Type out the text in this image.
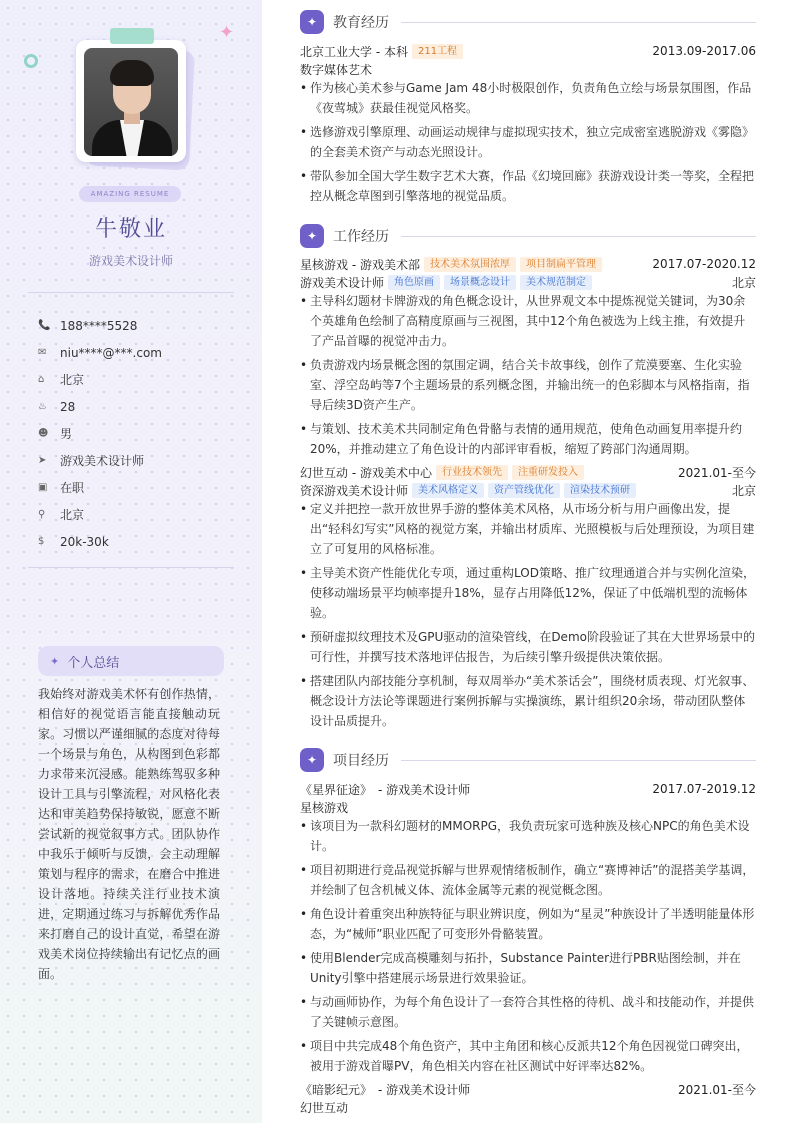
✦
AMAZING RESUME
牛敬业
游戏美术设计师
📞 188****5528
✉	niu****@***.com
⌂	北京
♨	28
☻ 男
➤	游戏美术设计师
▣	在职
⚲	北京
$	20k-30k
✦ 个人总结
我始终对游戏美术怀有创作热情，相信好的视觉语言能直接触动玩家。习惯以严谨细腻的态度对待每一个场景与角色，从构图到色彩都力求带来沉浸感。能熟练驾驭多种设计工具与引擎流程，对风格化表达和审美趋势保持敏锐，愿意不断尝试新的视觉叙事方式。团队协作中我乐于倾听与反馈，会主动理解策划与程序的需求，在磨合中推进设计落地。持续关注行业技术演进，定期通过练习与拆解优秀作品来打磨自己的设计直觉，希望在游戏美术岗位持续输出有记忆点的画面。
✦	教育经历
北京工业大学 - 本科	211工程	2013.09-2017.06
数字媒体艺术
• 作为核心美术参与Game Jam 48小时极限创作，负责角色立绘与场景氛围图，作品《夜莺城》获最佳视觉风格奖。
• 选修游戏引擎原理、动画运动规律与虚拟现实技术，独立完成密室逃脱游戏《雾隐》的全套美术资产与动态光照设计。
• 带队参加全国大学生数字艺术大赛，作品《幻境回廊》获游戏设计类一等奖，全程把控从概念草图到引擎落地的视觉品质。
✦	工作经历
星核游戏 - 游戏美术部	技术美术氛围浓厚	项目制扁平管理	2017.07-2020.12
游戏美术设计师	角色原画	场景概念设计	美术规范制定	北京
• 主导科幻题材卡牌游戏的角色概念设计，从世界观文本中提炼视觉关键词，为30余个英雄角色绘制了高精度原画与三视图，其中12个角色被选为上线主推，有效提升了产品首曝的视觉冲击力。
• 负责游戏内场景概念图的氛围定调，结合关卡故事线，创作了荒漠要塞、生化实验室、浮空岛屿等7个主题场景的系列概念图，并输出统一的色彩脚本与风格指南，指导后续3D资产生产。
• 与策划、技术美术共同制定角色骨骼与表情的通用规范，使角色动画复用率提升约20%，并推动建立了角色设计的内部评审看板，缩短了跨部门沟通周期。
幻世互动 - 游戏美术中心	行业技术领先	注重研发投入	2021.01-至今
资深游戏美术设计师	美术风格定义	资产管线优化	渲染技术预研	北京
• 定义并把控一款开放世界手游的整体美术风格，从市场分析与用户画像出发，提出“轻科幻写实”风格的视觉方案，并输出材质库、光照模板与后处理预设，为项目建立了可复用的风格标准。
• 主导美术资产性能优化专项，通过重构LOD策略、推广纹理通道合并与实例化渲染，使移动端场景平均帧率提升18%，显存占用降低12%，保证了中低端机型的流畅体验。
• 预研虚拟纹理技术及GPU驱动的渲染管线，在Demo阶段验证了其在大世界场景中的可行性，并撰写技术落地评估报告，为后续引擎升级提供决策依据。
• 搭建团队内部技能分享机制，每双周举办“美术茶话会”，围绕材质表现、灯光叙事、概念设计方法论等课题进行案例拆解与实操演练，累计组织20余场，带动团队整体设计品质提升。
✦	项目经历
《星界征途》 - 游戏美术设计师	2017.07-2019.12
星核游戏
• 该项目为一款科幻题材的MMORPG，我负责玩家可选种族及核心NPC的角色美术设计。
• 项目初期进行竞品视觉拆解与世界观情绪板制作，确立“赛博神话”的混搭美学基调，并绘制了包含机械义体、流体金属等元素的视觉概念图。
• 角色设计着重突出种族特征与职业辨识度，例如为“星灵”种族设计了半透明能量体形态，为“械师”职业匹配了可变形外骨骼装置。
• 使用Blender完成高模雕刻与拓扑，Substance Painter进行PBR贴图绘制，并在Unity引擎中搭建展示场景进行效果验证。
• 与动画师协作，为每个角色设计了一套符合其性格的待机、战斗和技能动作，并提供了关键帧示意图。
• 项目中共完成48个角色资产，其中主角团和核心反派共12个角色因视觉口碑突出，被用于游戏首曝PV，角色相关内容在社区测试中好评率达82%。
《暗影纪元》 - 游戏美术设计师	2021.01-至今
幻世互动
